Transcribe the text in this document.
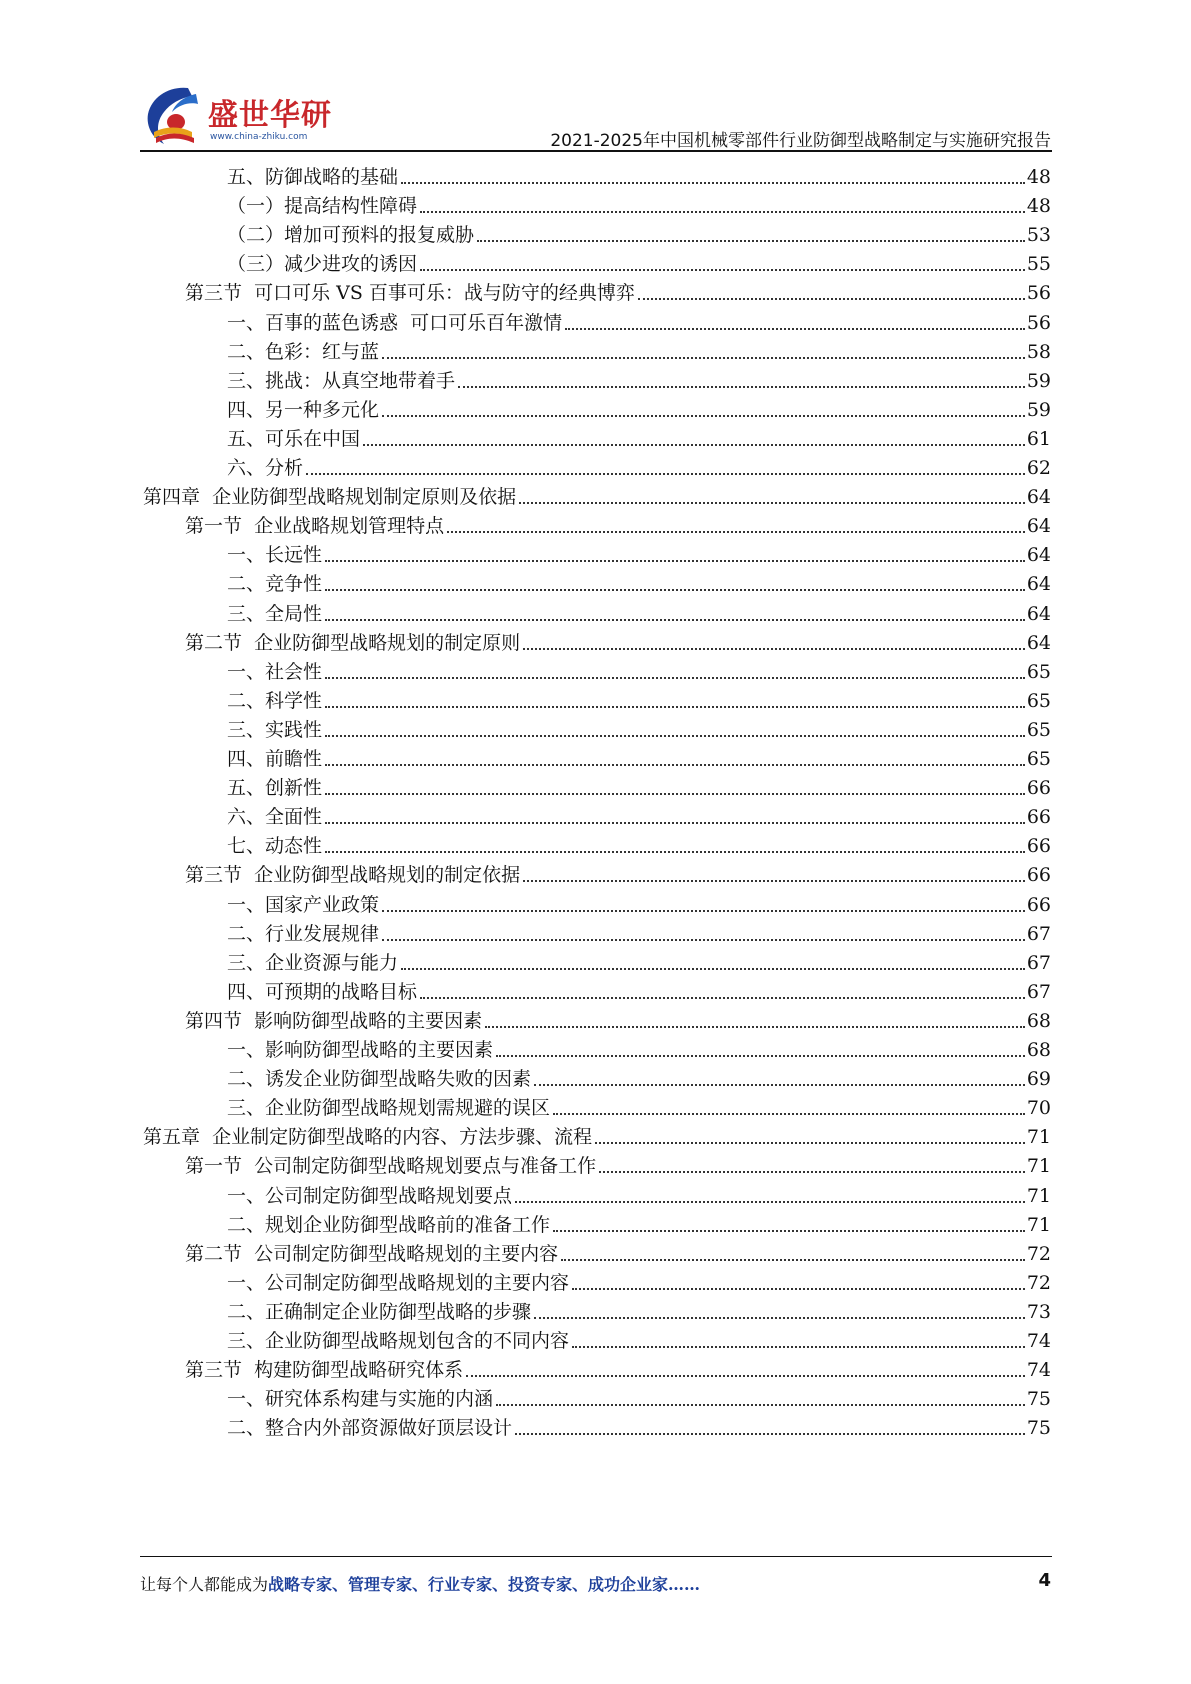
盛世华研
www.china-zhiku.com	2021-2025年中国机械零部件行业防御型战略制定与实施研究报告
五、防御战略的基础	48
（一）提高结构性障碍	48
（二）增加可预料的报复威胁	53
（三）减少进攻的诱因	55
第三节  可口可乐 VS 百事可乐：战与防守的经典博弈	56
一、百事的蓝色诱惑  可口可乐百年激情	56
二、色彩：红与蓝	58
三、挑战：从真空地带着手	59
四、另一种多元化	59
五、可乐在中国	61
六、分析	62
第四章  企业防御型战略规划制定原则及依据	64
第一节  企业战略规划管理特点	64
一、长远性	64
二、竞争性	64
三、全局性	64
第二节  企业防御型战略规划的制定原则	64
一、社会性	65
二、科学性	65
三、实践性	65
四、前瞻性	65
五、创新性	66
六、全面性	66
七、动态性	66
第三节  企业防御型战略规划的制定依据	66
一、国家产业政策	66
二、行业发展规律	67
三、企业资源与能力	67
四、可预期的战略目标	67
第四节  影响防御型战略的主要因素	68
一、影响防御型战略的主要因素	68
二、诱发企业防御型战略失败的因素	69
三、企业防御型战略规划需规避的误区	70
第五章  企业制定防御型战略的内容、方法步骤、流程	71
第一节  公司制定防御型战略规划要点与准备工作	71
一、公司制定防御型战略规划要点	71
二、规划企业防御型战略前的准备工作	71
第二节  公司制定防御型战略规划的主要内容	72
一、公司制定防御型战略规划的主要内容	72
二、正确制定企业防御型战略的步骤	73
三、企业防御型战略规划包含的不同内容	74
第三节  构建防御型战略研究体系	74
一、研究体系构建与实施的内涵	75
二、整合内外部资源做好顶层设计	75
让每个人都能成为战略专家、管理专家、行业专家、投资专家、成功企业家……	4
